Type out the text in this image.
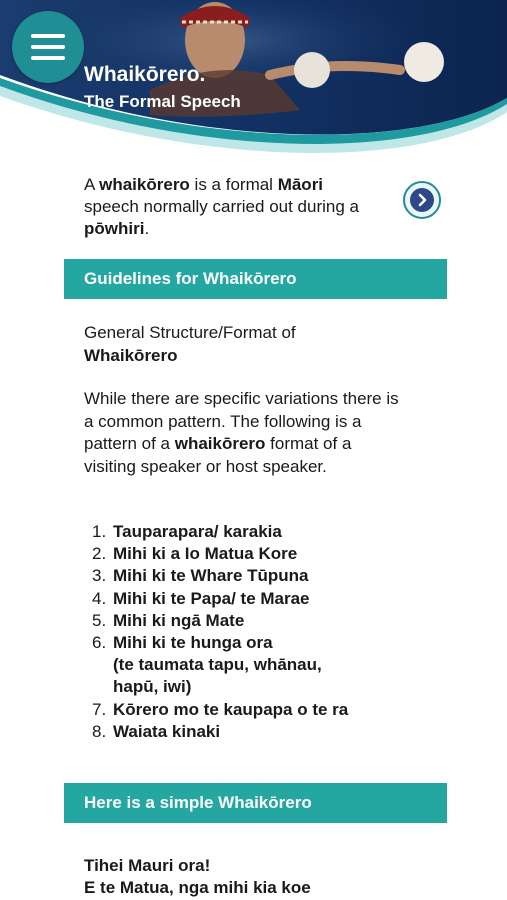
Whaikōrero.
The Formal Speech
A whaikōrero is a formal Māori speech normally carried out during a pōwhiri.
Guidelines for Whaikōrero
General Structure/Format of
Whaikōrero
While there are specific variations there is a common pattern. The following is a pattern of a whaikōrero format of a visiting speaker or host speaker.
1. Tauparapara/ karakia
2. Mihi ki a Io Matua Kore
3. Mihi ki te Whare Tūpuna
4. Mihi ki te Papa/ te Marae
5. Mihi ki ngā Mate
6. Mihi ki te hunga ora
(te taumata tapu, whānau,
hapū, iwi)
7. Kōrero mo te kaupapa o te ra
8. Waiata kinaki
Here is a simple Whaikōrero
Tihei Mauri ora!
E te Matua, nga mihi kia koe
